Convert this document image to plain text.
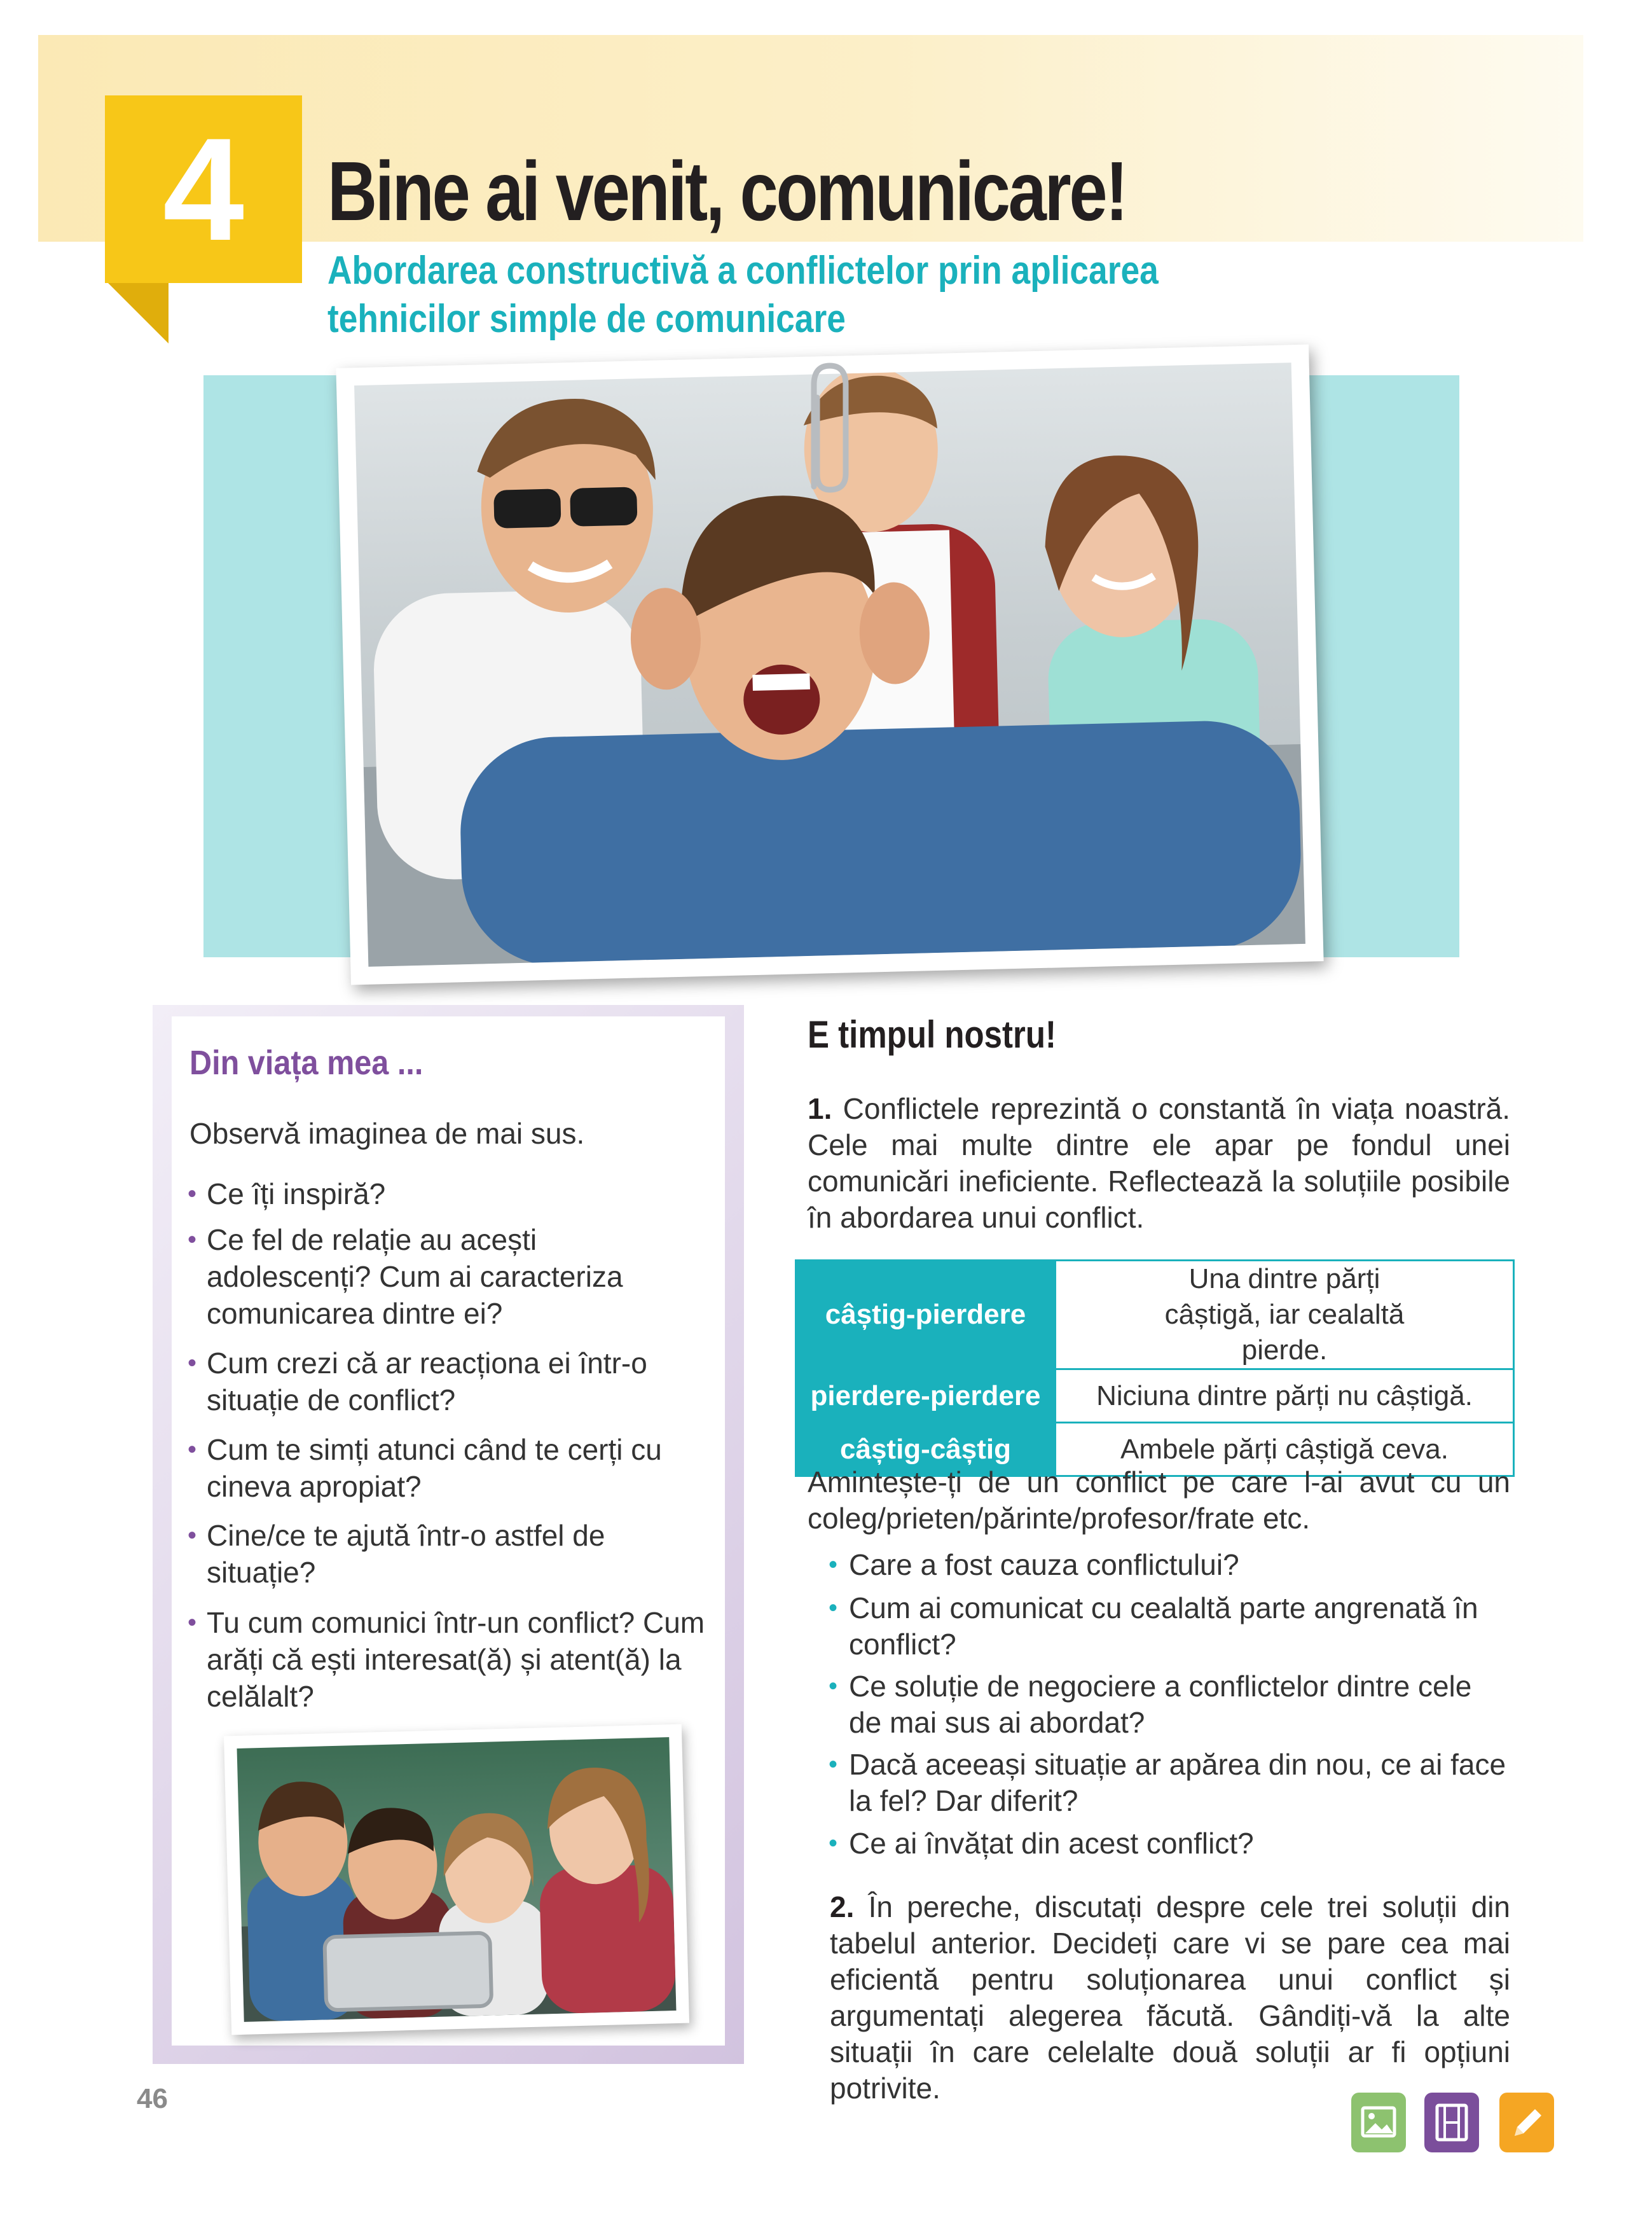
4 Bine ai venit, comunicare!
Abordarea constructivă a conflictelor prin aplicarea tehnicilor simple de comunicare
Din viața mea ...
Observă imaginea de mai sus.
• Ce îți inspiră?
• Ce fel de relație au acești adolescenți? Cum ai caracteriza comunicarea dintre ei?
• Cum crezi că ar reacționa ei într-o situație de conflict?
• Cum te simți atunci când te cerți cu cineva apropiat?
• Cine/ce te ajută într-o astfel de situație?
• Tu cum comunici într-un conflict? Cum arăți că ești interesat(ă) și atent(ă) la celălalt?
E timpul nostru!
1. Conflictele reprezintă o constantă în viața noastră. Cele mai multe dintre ele apar pe fondul unei comunicări ineficiente. Reflectează la soluțiile posibile în abordarea unui conflict.
câștig-pierdere	Una dintre părți câștigă, iar cealaltă pierde.
pierdere-pierdere	Niciuna dintre părți nu câștigă.
câștig-câștig	Ambele părți câștigă ceva.
Amintește-ți de un conflict pe care l-ai avut cu un coleg/prieten/părinte/profesor/frate etc.
• Care a fost cauza conflictului?
• Cum ai comunicat cu cealaltă parte angrenată în conflict?
• Ce soluție de negociere a conflictelor dintre cele de mai sus ai abordat?
• Dacă aceeași situație ar apărea din nou, ce ai face la fel? Dar diferit?
• Ce ai învățat din acest conflict?
2. În pereche, discutați despre cele trei soluții din tabelul anterior. Decideți care vi se pare cea mai eficientă pentru soluționarea unui conflict și argumentați alegerea făcută. Gândiți-vă la alte situații în care celelalte două soluții ar fi opțiuni potrivite.
46
